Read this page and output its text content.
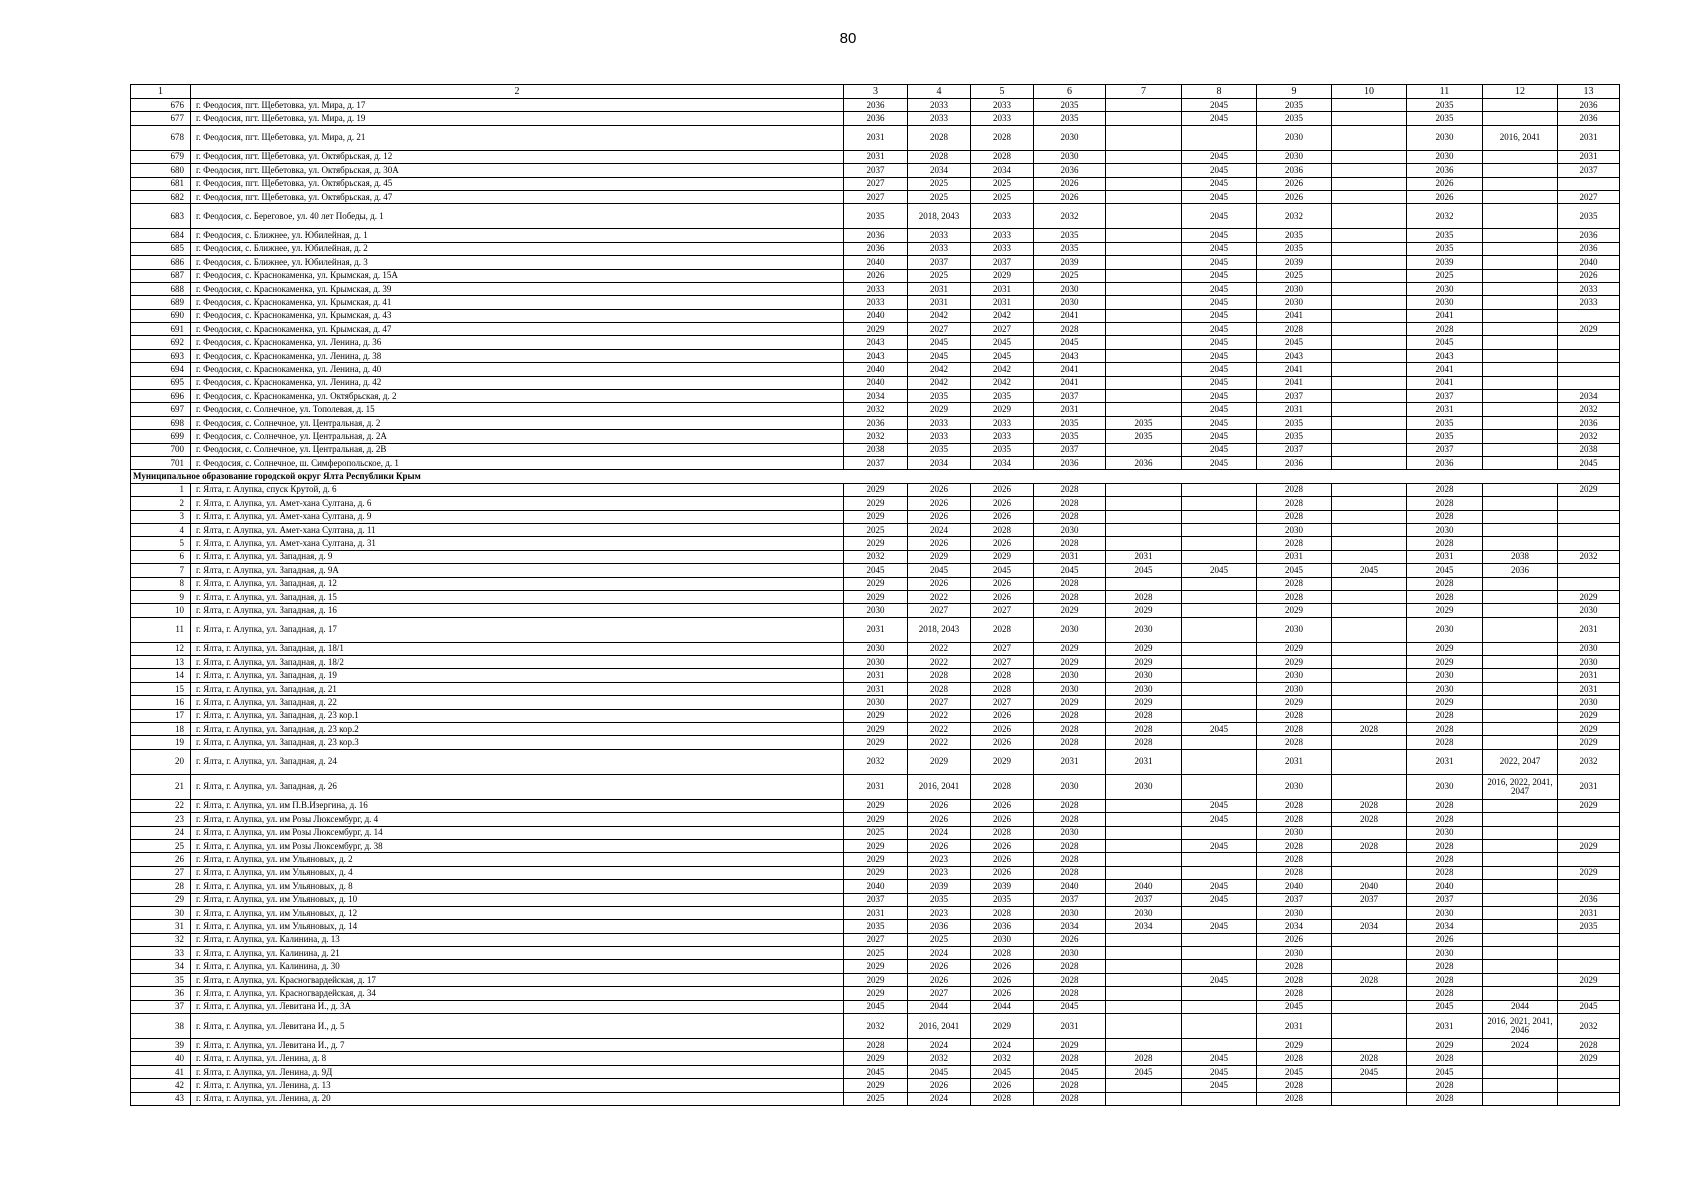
80
1	2	3	4	5	6	7	8	9	10	11	12	13
676	г. Феодосия, пгт. Щебетовка, ул. Мира, д. 17	2036	2033	2033	2035		2045	2035		2035		2036
677	г. Феодосия, пгт. Щебетовка, ул. Мира, д. 19	2036	2033	2033	2035		2045	2035		2035		2036
678	г. Феодосия, пгт. Щебетовка, ул. Мира, д. 21	2031	2028	2028	2030			2030		2030	2016, 2041	2031
679	г. Феодосия, пгт. Щебетовка, ул. Октябрьская, д. 12	2031	2028	2028	2030		2045	2030		2030		2031
680	г. Феодосия, пгт. Щебетовка, ул. Октябрьская, д. 30А	2037	2034	2034	2036		2045	2036		2036		2037
681	г. Феодосия, пгт. Щебетовка, ул. Октябрьская, д. 45	2027	2025	2025	2026		2045	2026		2026		
682	г. Феодосия, пгт. Щебетовка, ул. Октябрьская, д. 47	2027	2025	2025	2026		2045	2026		2026		2027
683	г. Феодосия, с. Береговое, ул. 40 лет Победы, д. 1	2035	2018, 2043	2033	2032		2045	2032		2032		2035
684	г. Феодосия, с. Ближнее, ул. Юбилейная, д. 1	2036	2033	2033	2035		2045	2035		2035		2036
685	г. Феодосия, с. Ближнее, ул. Юбилейная, д. 2	2036	2033	2033	2035		2045	2035		2035		2036
686	г. Феодосия, с. Ближнее, ул. Юбилейная, д. 3	2040	2037	2037	2039		2045	2039		2039		2040
687	г. Феодосия, с. Краснокаменка, ул. Крымская, д. 15А	2026	2025	2029	2025		2045	2025		2025		2026
688	г. Феодосия, с. Краснокаменка, ул. Крымская, д. 39	2033	2031	2031	2030		2045	2030		2030		2033
689	г. Феодосия, с. Краснокаменка, ул. Крымская, д. 41	2033	2031	2031	2030		2045	2030		2030		2033
690	г. Феодосия, с. Краснокаменка, ул. Крымская, д. 43	2040	2042	2042	2041		2045	2041		2041		
691	г. Феодосия, с. Краснокаменка, ул. Крымская, д. 47	2029	2027	2027	2028		2045	2028		2028		2029
692	г. Феодосия, с. Краснокаменка, ул. Ленина, д. 36	2043	2045	2045	2045		2045	2045		2045		
693	г. Феодосия, с. Краснокаменка, ул. Ленина, д. 38	2043	2045	2045	2043		2045	2043		2043		
694	г. Феодосия, с. Краснокаменка, ул. Ленина, д. 40	2040	2042	2042	2041		2045	2041		2041		
695	г. Феодосия, с. Краснокаменка, ул. Ленина, д. 42	2040	2042	2042	2041		2045	2041		2041		
696	г. Феодосия, с. Краснокаменка, ул. Октябрьская, д. 2	2034	2035	2035	2037		2045	2037		2037		2034
697	г. Феодосия, с. Солнечное, ул. Тополевая, д. 15	2032	2029	2029	2031		2045	2031		2031		2032
698	г. Феодосия, с. Солнечное, ул. Центральная, д. 2	2036	2033	2033	2035	2035	2045	2035		2035		2036
699	г. Феодосия, с. Солнечное, ул. Центральная, д. 2А	2032	2033	2033	2035	2035	2045	2035		2035		2032
700	г. Феодосия, с. Солнечное, ул. Центральная, д. 2В	2038	2035	2035	2037		2045	2037		2037		2038
701	г. Феодосия, с. Солнечное, ш. Симферопольское, д. 1	2037	2034	2034	2036	2036	2045	2036		2036		2045
Муниципальное образование городской округ Ялта Республики Крым												
1	г. Ялта, г. Алупка, спуск Крутой, д. 6	2029	2026	2026	2028			2028		2028		2029
2	г. Ялта, г. Алупка, ул. Амет-хана Султана, д. 6	2029	2026	2026	2028			2028		2028		
3	г. Ялта, г. Алупка, ул. Амет-хана Султана, д. 9	2029	2026	2026	2028			2028		2028		
4	г. Ялта, г. Алупка, ул. Амет-хана Султана, д. 11	2025	2024	2028	2030			2030		2030		
5	г. Ялта, г. Алупка, ул. Амет-хана Султана, д. 31	2029	2026	2026	2028			2028		2028		
6	г. Ялта, г. Алупка, ул. Западная, д. 9	2032	2029	2029	2031	2031		2031		2031	2038	2032
7	г. Ялта, г. Алупка, ул. Западная, д. 9А	2045	2045	2045	2045	2045	2045	2045	2045	2045	2036	
8	г. Ялта, г. Алупка, ул. Западная, д. 12	2029	2026	2026	2028			2028		2028		
9	г. Ялта, г. Алупка, ул. Западная, д. 15	2029	2022	2026	2028	2028		2028		2028		2029
10	г. Ялта, г. Алупка, ул. Западная, д. 16	2030	2027	2027	2029	2029		2029		2029		2030
11	г. Ялта, г. Алупка, ул. Западная, д. 17	2031	2018, 2043	2028	2030	2030		2030		2030		2031
12	г. Ялта, г. Алупка, ул. Западная, д. 18/1	2030	2022	2027	2029	2029		2029		2029		2030
13	г. Ялта, г. Алупка, ул. Западная, д. 18/2	2030	2022	2027	2029	2029		2029		2029		2030
14	г. Ялта, г. Алупка, ул. Западная, д. 19	2031	2028	2028	2030	2030		2030		2030		2031
15	г. Ялта, г. Алупка, ул. Западная, д. 21	2031	2028	2028	2030	2030		2030		2030		2031
16	г. Ялта, г. Алупка, ул. Западная, д. 22	2030	2027	2027	2029	2029		2029		2029		2030
17	г. Ялта, г. Алупка, ул. Западная, д. 23 кор.1	2029	2022	2026	2028	2028		2028		2028		2029
18	г. Ялта, г. Алупка, ул. Западная, д. 23 кор.2	2029	2022	2026	2028	2028	2045	2028	2028	2028		2029
19	г. Ялта, г. Алупка, ул. Западная, д. 23 кор.3	2029	2022	2026	2028	2028		2028		2028		2029
20	г. Ялта, г. Алупка, ул. Западная, д. 24	2032	2029	2029	2031	2031		2031		2031	2022, 2047	2032
21	г. Ялта, г. Алупка, ул. Западная, д. 26	2031	2016, 2041	2028	2030	2030		2030		2030	2016, 2022, 2041, 2047	2031
22	г. Ялта, г. Алупка, ул. им П.В.Изергина, д. 16	2029	2026	2026	2028		2045	2028	2028	2028		2029
23	г. Ялта, г. Алупка, ул. им Розы Люксембург, д. 4	2029	2026	2026	2028		2045	2028	2028	2028		
24	г. Ялта, г. Алупка, ул. им Розы Люксембург, д. 14	2025	2024	2028	2030			2030		2030		
25	г. Ялта, г. Алупка, ул. им Розы Люксембург, д. 38	2029	2026	2026	2028		2045	2028	2028	2028		2029
26	г. Ялта, г. Алупка, ул. им Ульяновых, д. 2	2029	2023	2026	2028			2028		2028		
27	г. Ялта, г. Алупка, ул. им Ульяновых, д. 4	2029	2023	2026	2028			2028		2028		2029
28	г. Ялта, г. Алупка, ул. им Ульяновых, д. 8	2040	2039	2039	2040	2040	2045	2040	2040	2040		
29	г. Ялта, г. Алупка, ул. им Ульяновых, д. 10	2037	2035	2035	2037	2037	2045	2037	2037	2037		2036
30	г. Ялта, г. Алупка, ул. им Ульяновых, д. 12	2031	2023	2028	2030	2030		2030		2030		2031
31	г. Ялта, г. Алупка, ул. им Ульяновых, д. 14	2035	2036	2036	2034	2034	2045	2034	2034	2034		2035
32	г. Ялта, г. Алупка, ул. Калинина, д. 13	2027	2025	2030	2026			2026		2026		
33	г. Ялта, г. Алупка, ул. Калинина, д. 21	2025	2024	2028	2030			2030		2030		
34	г. Ялта, г. Алупка, ул. Калинина, д. 30	2029	2026	2026	2028			2028		2028		
35	г. Ялта, г. Алупка, ул. Красногвардейская, д. 17	2029	2026	2026	2028		2045	2028	2028	2028		2029
36	г. Ялта, г. Алупка, ул. Красногвардейская, д. 34	2029	2027	2026	2028			2028		2028		
37	г. Ялта, г. Алупка, ул. Левитана И., д. 3А	2045	2044	2044	2045			2045		2045	2044	2045
38	г. Ялта, г. Алупка, ул. Левитана И., д. 5	2032	2016, 2041	2029	2031			2031		2031	2016, 2021, 2041, 2046	2032
39	г. Ялта, г. Алупка, ул. Левитана И., д. 7	2028	2024	2024	2029			2029		2029	2024	2028
40	г. Ялта, г. Алупка, ул. Ленина, д. 8	2029	2032	2032	2028	2028	2045	2028	2028	2028		2029
41	г. Ялта, г. Алупка, ул. Ленина, д. 9Д	2045	2045	2045	2045	2045	2045	2045	2045	2045		
42	г. Ялта, г. Алупка, ул. Ленина, д. 13	2029	2026	2026	2028		2045	2028		2028		
43	г. Ялта, г. Алупка, ул. Ленина, д. 20	2025	2024	2028	2028			2028		2028		
